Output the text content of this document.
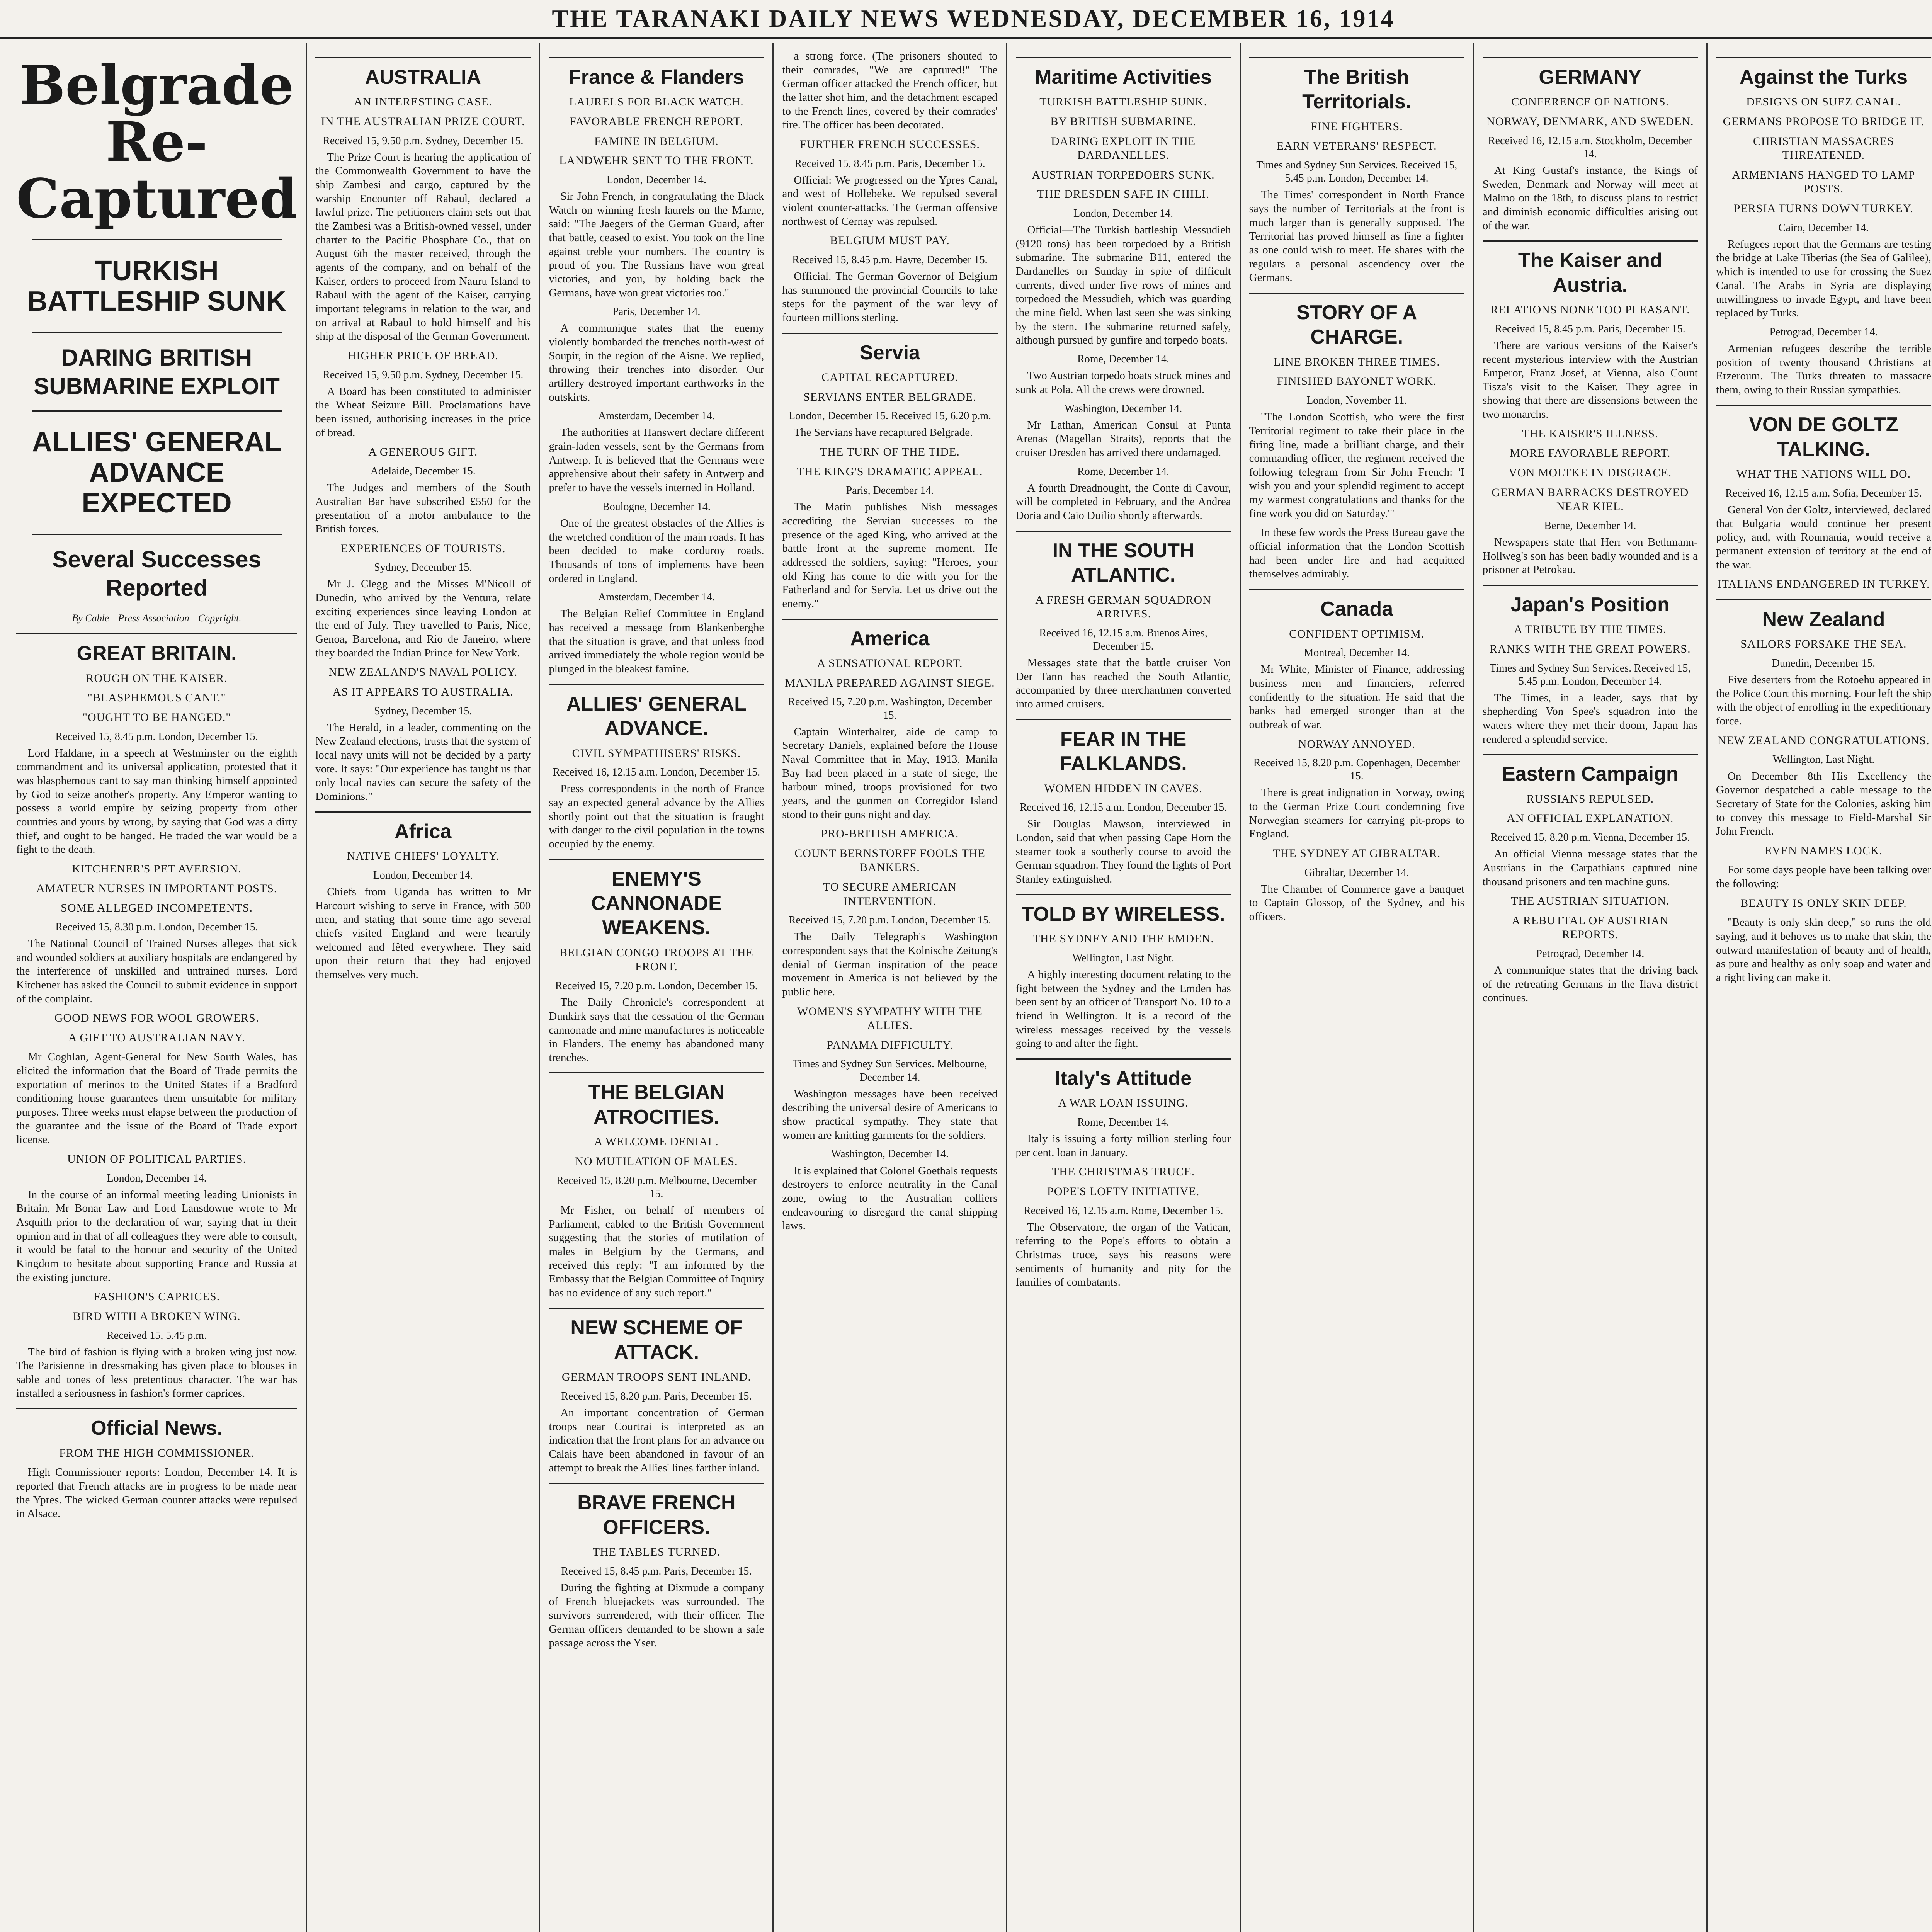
THE TARANAKI DAILY NEWS WEDNESDAY, DECEMBER 16, 1914
Belgrade Re-Captured
TURKISH BATTLESHIP SUNK
DARING BRITISH SUBMARINE EXPLOIT
ALLIES' GENERAL ADVANCE EXPECTED
Several Successes Reported
By Cable—Press Association—Copyright.
GREAT BRITAIN.
ROUGH ON THE KAISER.
"BLASPHEMOUS CANT."
"OUGHT TO BE HANGED."
Received 15, 8.45 p.m. London, December 15.

Lord Haldane, in a speech at Westminster on the eighth commandment and its universal application, protested that it was blasphemous cant to say man thinking himself appointed by God to seize another's property. Any Emperor wanting to possess a world empire by seizing property from other countries and yours by wrong, by saying that God was a dirty thief, and ought to be hanged. He traded the war would be a fight to the death.

KITCHENER'S PET AVERSION.
AMATEUR NURSES IN IMPORTANT POSTS.
SOME ALLEGED INCOMPETENTS.
Received 15, 8.30 p.m. London, December 15.

The National Council of Trained Nurses alleges that sick and wounded soldiers at auxiliary hospitals are endangered by the interference of unskilled and untrained nurses. Lord Kitchener has asked the Council to submit evidence in support of the complaint.

GOOD NEWS FOR WOOL GROWERS.
A GIFT TO AUSTRALIAN NAVY.

Mr Coghlan, Agent-General for New South Wales, has elicited the information that the Board of Trade permits the exportation of merinos to the United States if a Bradford conditioning house guarantees them unsuitable for military purposes. Three weeks must elapse between the production of the guarantee and the issue of the Board of Trade export license.

UNION OF POLITICAL PARTIES.
London, December 14.

In the course of an informal meeting leading Unionists in Britain, Mr Bonar Law and Lord Lansdowne wrote to Mr Asquith prior to the declaration of war, saying that in their opinion and in that of all colleagues they were able to consult, it would be fatal to the honour and security of the United Kingdom to hesitate about supporting France and Russia at the existing juncture.

FASHION'S CAPRICES.
BIRD WITH A BROKEN WING.
Received 15, 5.45 p.m.

The bird of fashion is flying with a broken wing just now. The Parisienne in dressmaking has given place to blouses in sable and tones of less pretentious character. The war has installed a seriousness in fashion's former caprices.

Official News.
FROM THE HIGH COMMISSIONER.

High Commissioner reports: London, December 14. It is reported that French attacks are in progress to be made near the Ypres. The wicked German counter attacks were repulsed in Alsace.

AUSTRALIA
AN INTERESTING CASE.
IN THE AUSTRALIAN PRIZE COURT.
Received 15, 9.50 p.m. Sydney, December 15.

The Prize Court is hearing the application of the Commonwealth Government to have the ship Zambesi and cargo, captured by the warship Encounter off Rabaul, declared a lawful prize. The petitioners claim sets out that the Zambesi was a British-owned vessel, under charter to the Pacific Phosphate Co., that on August 6th the master received, through the agents of the company, and on behalf of the Kaiser, orders to proceed from Nauru Island to Rabaul with the agent of the Kaiser, carrying important telegrams in relation to the war, and on arrival at Rabaul to hold himself and his ship at the disposal of the German Government.

HIGHER PRICE OF BREAD.
Received 15, 9.50 p.m. Sydney, December 15.

A Board has been constituted to administer the Wheat Seizure Bill. Proclamations have been issued, authorising increases in the price of bread.

A GENEROUS GIFT.
Adelaide, December 15.

The Judges and members of the South Australian Bar have subscribed £550 for the presentation of a motor ambulance to the British forces.

EXPERIENCES OF TOURISTS.
Sydney, December 15.

Mr J. Clegg and the Misses M'Nicoll of Dunedin, who arrived by the Ventura, relate exciting experiences since leaving London at the end of July. They travelled to Paris, Nice, Genoa, Barcelona, and Rio de Janeiro, where they boarded the Indian Prince for New York.

NEW ZEALAND'S NAVAL POLICY.
AS IT APPEARS TO AUSTRALIA.
Sydney, December 15.

The Herald, in a leader, commenting on the New Zealand elections, trusts that the system of local navy units will not be decided by a party vote. It says: "Our experience has taught us that only local navies can secure the safety of the Dominions."

Africa
NATIVE CHIEFS' LOYALTY.
London, December 14.

Chiefs from Uganda has written to Mr Harcourt wishing to serve in France, with 500 men, and stating that some time ago several chiefs visited England and were heartily welcomed and fêted everywhere. They said upon their return that they had enjoyed themselves very much.

France & Flanders
LAURELS FOR BLACK WATCH.
FAVORABLE FRENCH REPORT.
FAMINE IN BELGIUM.
LANDWEHR SENT TO THE FRONT.
London, December 14.

Sir John French, in congratulating the Black Watch on winning fresh laurels on the Marne, said: "The Jaegers of the German Guard, after that battle, ceased to exist. You took on the line against treble your numbers. The country is proud of you. The Russians have won great victories, and you, by holding back the Germans, have won great victories too."

Paris, December 14.

A communique states that the enemy violently bombarded the trenches north-west of Soupir, in the region of the Aisne. We replied, throwing their trenches into disorder. Our artillery destroyed important earthworks in the outskirts.

Amsterdam, December 14.

The authorities at Hanswert declare different grain-laden vessels, sent by the Germans from Antwerp. It is believed that the Germans were apprehensive about their safety in Antwerp and prefer to have the vessels interned in Holland.

Boulogne, December 14.

One of the greatest obstacles of the Allies is the wretched condition of the main roads. It has been decided to make corduroy roads. Thousands of tons of implements have been ordered in England.

Amsterdam, December 14.

The Belgian Relief Committee in England has received a message from Blankenberghe that the situation is grave, and that unless food arrived immediately the whole region would be plunged in the bleakest famine.

ALLIES' GENERAL ADVANCE.
CIVIL SYMPATHISERS' RISKS.
Received 16, 12.15 a.m. London, December 15.

Press correspondents in the north of France say an expected general advance by the Allies shortly point out that the situation is fraught with danger to the civil population in the towns occupied by the enemy.

ENEMY'S CANNONADE WEAKENS.
BELGIAN CONGO TROOPS AT THE FRONT.
Received 15, 7.20 p.m. London, December 15.

The Daily Chronicle's correspondent at Dunkirk says that the cessation of the German cannonade and mine manufactures is noticeable in Flanders. The enemy has abandoned many trenches.

THE BELGIAN ATROCITIES.
A WELCOME DENIAL.
NO MUTILATION OF MALES.
Received 15, 8.20 p.m. Melbourne, December 15.

Mr Fisher, on behalf of members of Parliament, cabled to the British Government suggesting that the stories of mutilation of males in Belgium by the Germans, and received this reply: "I am informed by the Embassy that the Belgian Committee of Inquiry has no evidence of any such report."

NEW SCHEME OF ATTACK.
GERMAN TROOPS SENT INLAND.
Received 15, 8.20 p.m. Paris, December 15.

An important concentration of German troops near Courtrai is interpreted as an indication that the front plans for an advance on Calais have been abandoned in favour of an attempt to break the Allies' lines farther inland.

BRAVE FRENCH OFFICERS.
THE TABLES TURNED.
Received 15, 8.45 p.m. Paris, December 15.

During the fighting at Dixmude a company of French bluejackets was surrounded. The survivors surrendered, with their officer. The German officers demanded to be shown a safe passage across the Yser.

a strong force. (The prisoners shouted to their comrades, "We are captured!" The German officer attacked the French officer, but the latter shot him, and the detachment escaped to the French lines, covered by their comrades' fire. The officer has been decorated.

FURTHER FRENCH SUCCESSES.
Received 15, 8.45 p.m. Paris, December 15.

Official: We progressed on the Ypres Canal, and west of Hollebeke. We repulsed several violent counter-attacks. The German offensive northwest of Cernay was repulsed.

BELGIUM MUST PAY.
Received 15, 8.45 p.m. Havre, December 15.

Official. The German Governor of Belgium has summoned the provincial Councils to take steps for the payment of the war levy of fourteen millions sterling.

Servia
CAPITAL RECAPTURED.
SERVIANS ENTER BELGRADE.
London, December 15. Received 15, 6.20 p.m.

The Servians have recaptured Belgrade.

THE TURN OF THE TIDE.
THE KING'S DRAMATIC APPEAL.
Paris, December 14.

The Matin publishes Nish messages accrediting the Servian successes to the presence of the aged King, who arrived at the battle front at the supreme moment. He addressed the soldiers, saying: "Heroes, your old King has come to die with you for the Fatherland and for Servia. Let us drive out the enemy."

America
A SENSATIONAL REPORT.
MANILA PREPARED AGAINST SIEGE.
Received 15, 7.20 p.m. Washington, December 15.

Captain Winterhalter, aide de camp to Secretary Daniels, explained before the House Naval Committee that in May, 1913, Manila Bay had been placed in a state of siege, the harbour mined, troops provisioned for two years, and the gunmen on Corregidor Island stood to their guns night and day.

PRO-BRITISH AMERICA.
COUNT BERNSTORFF FOOLS THE BANKERS.
TO SECURE AMERICAN INTERVENTION.
Received 15, 7.20 p.m. London, December 15.

The Daily Telegraph's Washington correspondent says that the Kolnische Zeitung's denial of German inspiration of the peace movement in America is not believed by the public here.

WOMEN'S SYMPATHY WITH THE ALLIES.
PANAMA DIFFICULTY.
Times and Sydney Sun Services. Melbourne, December 14.

Washington messages have been received describing the universal desire of Americans to show practical sympathy. They state that women are knitting garments for the soldiers.

Washington, December 14.

It is explained that Colonel Goethals requests destroyers to enforce neutrality in the Canal zone, owing to the Australian colliers endeavouring to disregard the canal shipping laws.

Maritime Activities
TURKISH BATTLESHIP SUNK.
BY BRITISH SUBMARINE.
DARING EXPLOIT IN THE DARDANELLES.
AUSTRIAN TORPEDOERS SUNK.
THE DRESDEN SAFE IN CHILI.
London, December 14.

Official—The Turkish battleship Messudieh (9120 tons) has been torpedoed by a British submarine. The submarine B11, entered the Dardanelles on Sunday in spite of difficult currents, dived under five rows of mines and torpedoed the Messudieh, which was guarding the mine field. When last seen she was sinking by the stern. The submarine returned safely, although pursued by gunfire and torpedo boats.

Rome, December 14.

Two Austrian torpedo boats struck mines and sunk at Pola. All the crews were drowned.

Washington, December 14.

Mr Lathan, American Consul at Punta Arenas (Magellan Straits), reports that the cruiser Dresden has arrived there undamaged.

Rome, December 14.

A fourth Dreadnought, the Conte di Cavour, will be completed in February, and the Andrea Doria and Caio Duilio shortly afterwards.

IN THE SOUTH ATLANTIC.
A FRESH GERMAN SQUADRON ARRIVES.
Received 16, 12.15 a.m. Buenos Aires, December 15.

Messages state that the battle cruiser Von Der Tann has reached the South Atlantic, accompanied by three merchantmen converted into armed cruisers.

FEAR IN THE FALKLANDS.
WOMEN HIDDEN IN CAVES.
Received 16, 12.15 a.m. London, December 15.

Sir Douglas Mawson, interviewed in London, said that when passing Cape Horn the steamer took a southerly course to avoid the German squadron. They found the lights of Port Stanley extinguished.

TOLD BY WIRELESS.
THE SYDNEY AND THE EMDEN.
Wellington, Last Night.

A highly interesting document relating to the fight between the Sydney and the Emden has been sent by an officer of Transport No. 10 to a friend in Wellington. It is a record of the wireless messages received by the vessels going to and after the fight.

Italy's Attitude
A WAR LOAN ISSUING.
Rome, December 14.

Italy is issuing a forty million sterling four per cent. loan in January.

THE CHRISTMAS TRUCE.
POPE'S LOFTY INITIATIVE.
Received 16, 12.15 a.m. Rome, December 15.

The Observatore, the organ of the Vatican, referring to the Pope's efforts to obtain a Christmas truce, says his reasons were sentiments of humanity and pity for the families of combatants.

The British Territorials.
FINE FIGHTERS.
EARN VETERANS' RESPECT.
Times and Sydney Sun Services. Received 15, 5.45 p.m. London, December 14.

The Times' correspondent in North France says the number of Territorials at the front is much larger than is generally supposed. The Territorial has proved himself as fine a fighter as one could wish to meet. He shares with the regulars a personal ascendency over the Germans.

STORY OF A CHARGE.
LINE BROKEN THREE TIMES.
FINISHED BAYONET WORK.
London, November 11.

"The London Scottish, who were the first Territorial regiment to take their place in the firing line, made a brilliant charge, and their commanding officer, the regiment received the following telegram from Sir John French: 'I wish you and your splendid regiment to accept my warmest congratulations and thanks for the fine work you did on Saturday.'"

In these few words the Press Bureau gave the official information that the London Scottish had been under fire and had acquitted themselves admirably.

Canada
CONFIDENT OPTIMISM.
Montreal, December 14.

Mr White, Minister of Finance, addressing business men and financiers, referred confidently to the situation. He said that the banks had emerged stronger than at the outbreak of war.

NORWAY ANNOYED.
Received 15, 8.20 p.m. Copenhagen, December 15.

There is great indignation in Norway, owing to the German Prize Court condemning five Norwegian steamers for carrying pit-props to England.

THE SYDNEY AT GIBRALTAR.
Gibraltar, December 14.

The Chamber of Commerce gave a banquet to Captain Glossop, of the Sydney, and his officers.

GERMANY
CONFERENCE OF NATIONS.
NORWAY, DENMARK, AND SWEDEN.
Received 16, 12.15 a.m. Stockholm, December 14.

At King Gustaf's instance, the Kings of Sweden, Denmark and Norway will meet at Malmo on the 18th, to discuss plans to restrict and diminish economic difficulties arising out of the war.

The Kaiser and Austria.
RELATIONS NONE TOO PLEASANT.
Received 15, 8.45 p.m. Paris, December 15.

There are various versions of the Kaiser's recent mysterious interview with the Austrian Emperor, Franz Josef, at Vienna, also Count Tisza's visit to the Kaiser. They agree in showing that there are dissensions between the two monarchs.

THE KAISER'S ILLNESS.
MORE FAVORABLE REPORT.
VON MOLTKE IN DISGRACE.
GERMAN BARRACKS DESTROYED NEAR KIEL.
Berne, December 14.

Newspapers state that Herr von Bethmann-Hollweg's son has been badly wounded and is a prisoner at Petrokau.

Japan's Position
A TRIBUTE BY THE TIMES.
RANKS WITH THE GREAT POWERS.
Times and Sydney Sun Services. Received 15, 5.45 p.m. London, December 14.

The Times, in a leader, says that by shepherding Von Spee's squadron into the waters where they met their doom, Japan has rendered a splendid service.

Eastern Campaign
RUSSIANS REPULSED.
AN OFFICIAL EXPLANATION.
Received 15, 8.20 p.m. Vienna, December 15.

An official Vienna message states that the Austrians in the Carpathians captured nine thousand prisoners and ten machine guns.

THE AUSTRIAN SITUATION.
A REBUTTAL OF AUSTRIAN REPORTS.
Petrograd, December 14.

A communique states that the driving back of the retreating Germans in the Ilava district continues.

Against the Turks
DESIGNS ON SUEZ CANAL.
GERMANS PROPOSE TO BRIDGE IT.
CHRISTIAN MASSACRES THREATENED.
ARMENIANS HANGED TO LAMP POSTS.
PERSIA TURNS DOWN TURKEY.
Cairo, December 14.

Refugees report that the Germans are testing the bridge at Lake Tiberias (the Sea of Galilee), which is intended to use for crossing the Suez Canal. The Arabs in Syria are displaying unwillingness to invade Egypt, and have been replaced by Turks.

Petrograd, December 14.

Armenian refugees describe the terrible position of twenty thousand Christians at Erzeroum. The Turks threaten to massacre them, owing to their Russian sympathies.

VON DE GOLTZ TALKING.
WHAT THE NATIONS WILL DO.
Received 16, 12.15 a.m. Sofia, December 15.

General Von der Goltz, interviewed, declared that Bulgaria would continue her present policy, and, with Roumania, would receive a permanent extension of territory at the end of the war.

ITALIANS ENDANGERED IN TURKEY.
New Zealand
SAILORS FORSAKE THE SEA.
Dunedin, December 15.

Five deserters from the Rotoehu appeared in the Police Court this morning. Four left the ship with the object of enrolling in the expeditionary force.

NEW ZEALAND CONGRATULATIONS.
Wellington, Last Night.

On December 8th His Excellency the Governor despatched a cable message to the Secretary of State for the Colonies, asking him to convey this message to Field-Marshal Sir John French.

EVEN NAMES LOCK.

For some days people have been talking over the following:

BEAUTY IS ONLY SKIN DEEP.

"Beauty is only skin deep," so runs the old saying, and it behoves us to make that skin, the outward manifestation of beauty and of health, as pure and healthy as only soap and water and a right living can make it.
